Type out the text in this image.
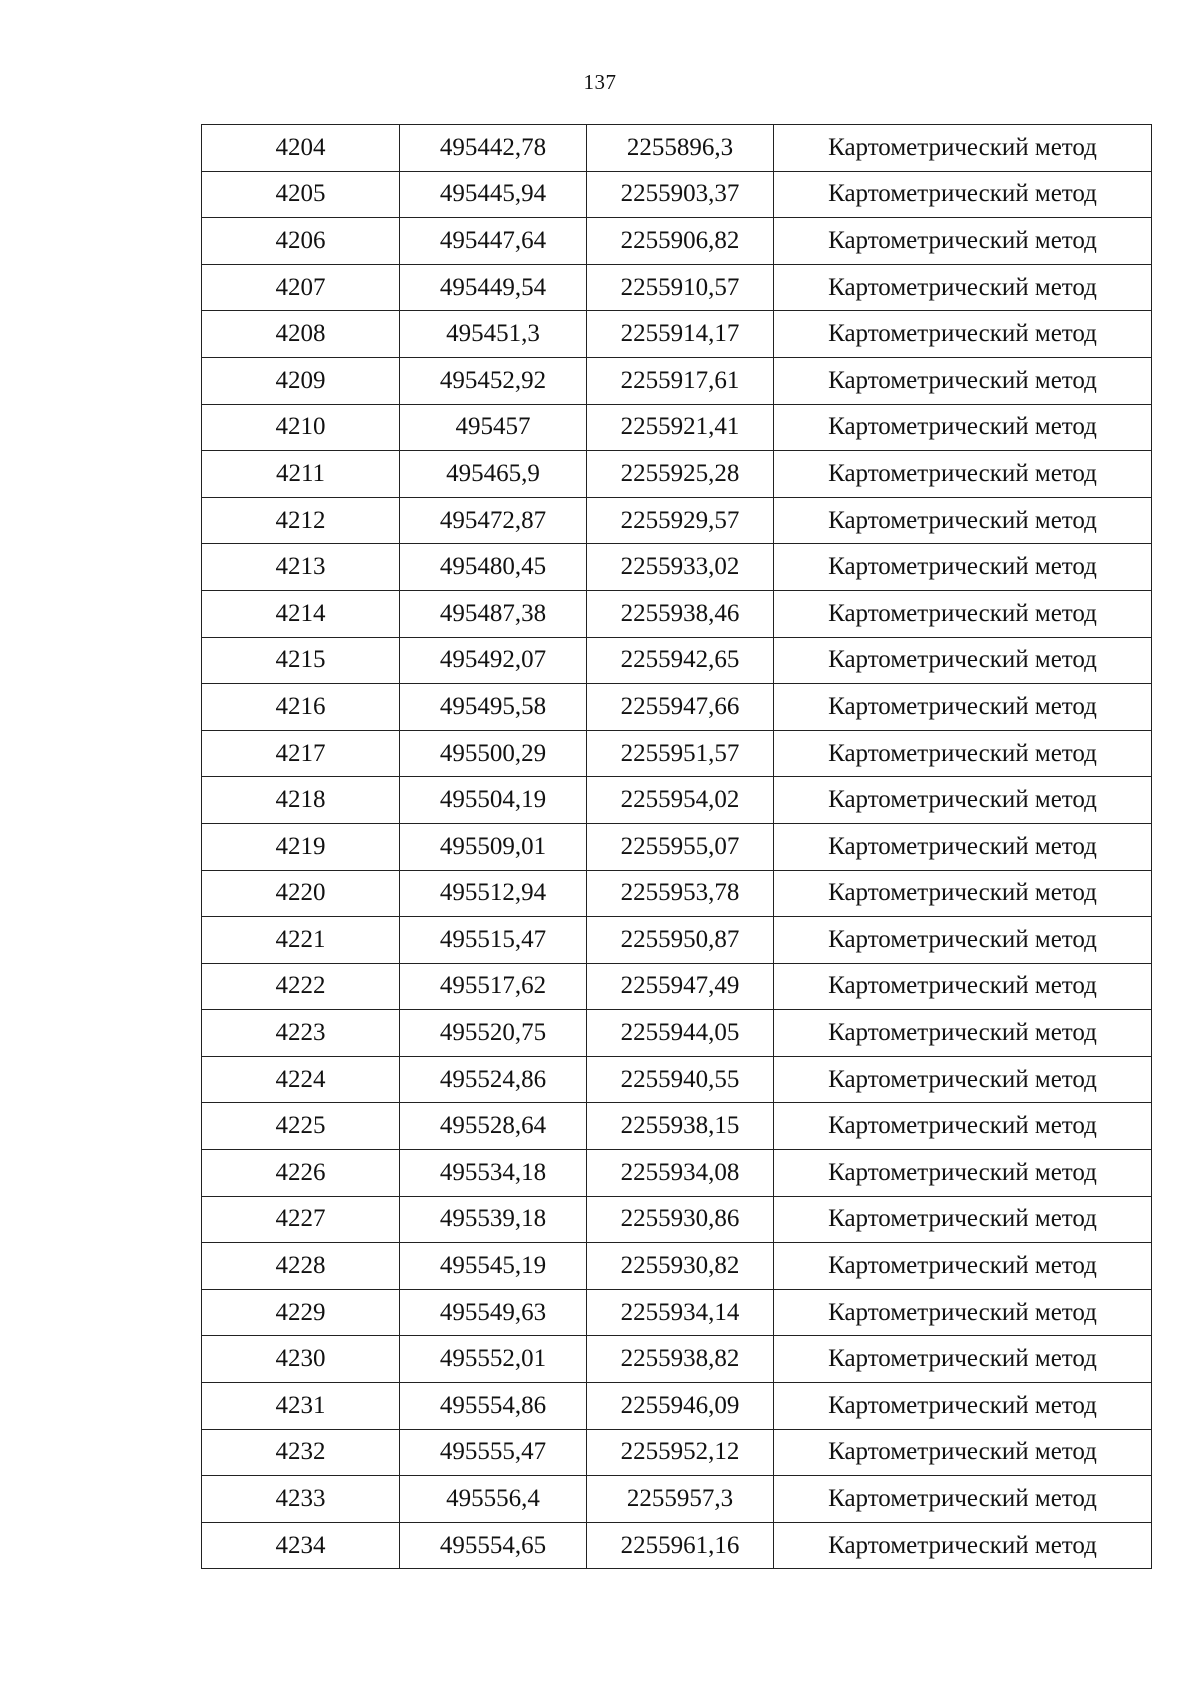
137
4204	495442,78	2255896,3	Картометрический метод
4205	495445,94	2255903,37	Картометрический метод
4206	495447,64	2255906,82	Картометрический метод
4207	495449,54	2255910,57	Картометрический метод
4208	495451,3	2255914,17	Картометрический метод
4209	495452,92	2255917,61	Картометрический метод
4210	495457	2255921,41	Картометрический метод
4211	495465,9	2255925,28	Картометрический метод
4212	495472,87	2255929,57	Картометрический метод
4213	495480,45	2255933,02	Картометрический метод
4214	495487,38	2255938,46	Картометрический метод
4215	495492,07	2255942,65	Картометрический метод
4216	495495,58	2255947,66	Картометрический метод
4217	495500,29	2255951,57	Картометрический метод
4218	495504,19	2255954,02	Картометрический метод
4219	495509,01	2255955,07	Картометрический метод
4220	495512,94	2255953,78	Картометрический метод
4221	495515,47	2255950,87	Картометрический метод
4222	495517,62	2255947,49	Картометрический метод
4223	495520,75	2255944,05	Картометрический метод
4224	495524,86	2255940,55	Картометрический метод
4225	495528,64	2255938,15	Картометрический метод
4226	495534,18	2255934,08	Картометрический метод
4227	495539,18	2255930,86	Картометрический метод
4228	495545,19	2255930,82	Картометрический метод
4229	495549,63	2255934,14	Картометрический метод
4230	495552,01	2255938,82	Картометрический метод
4231	495554,86	2255946,09	Картометрический метод
4232	495555,47	2255952,12	Картометрический метод
4233	495556,4	2255957,3	Картометрический метод
4234	495554,65	2255961,16	Картометрический метод
